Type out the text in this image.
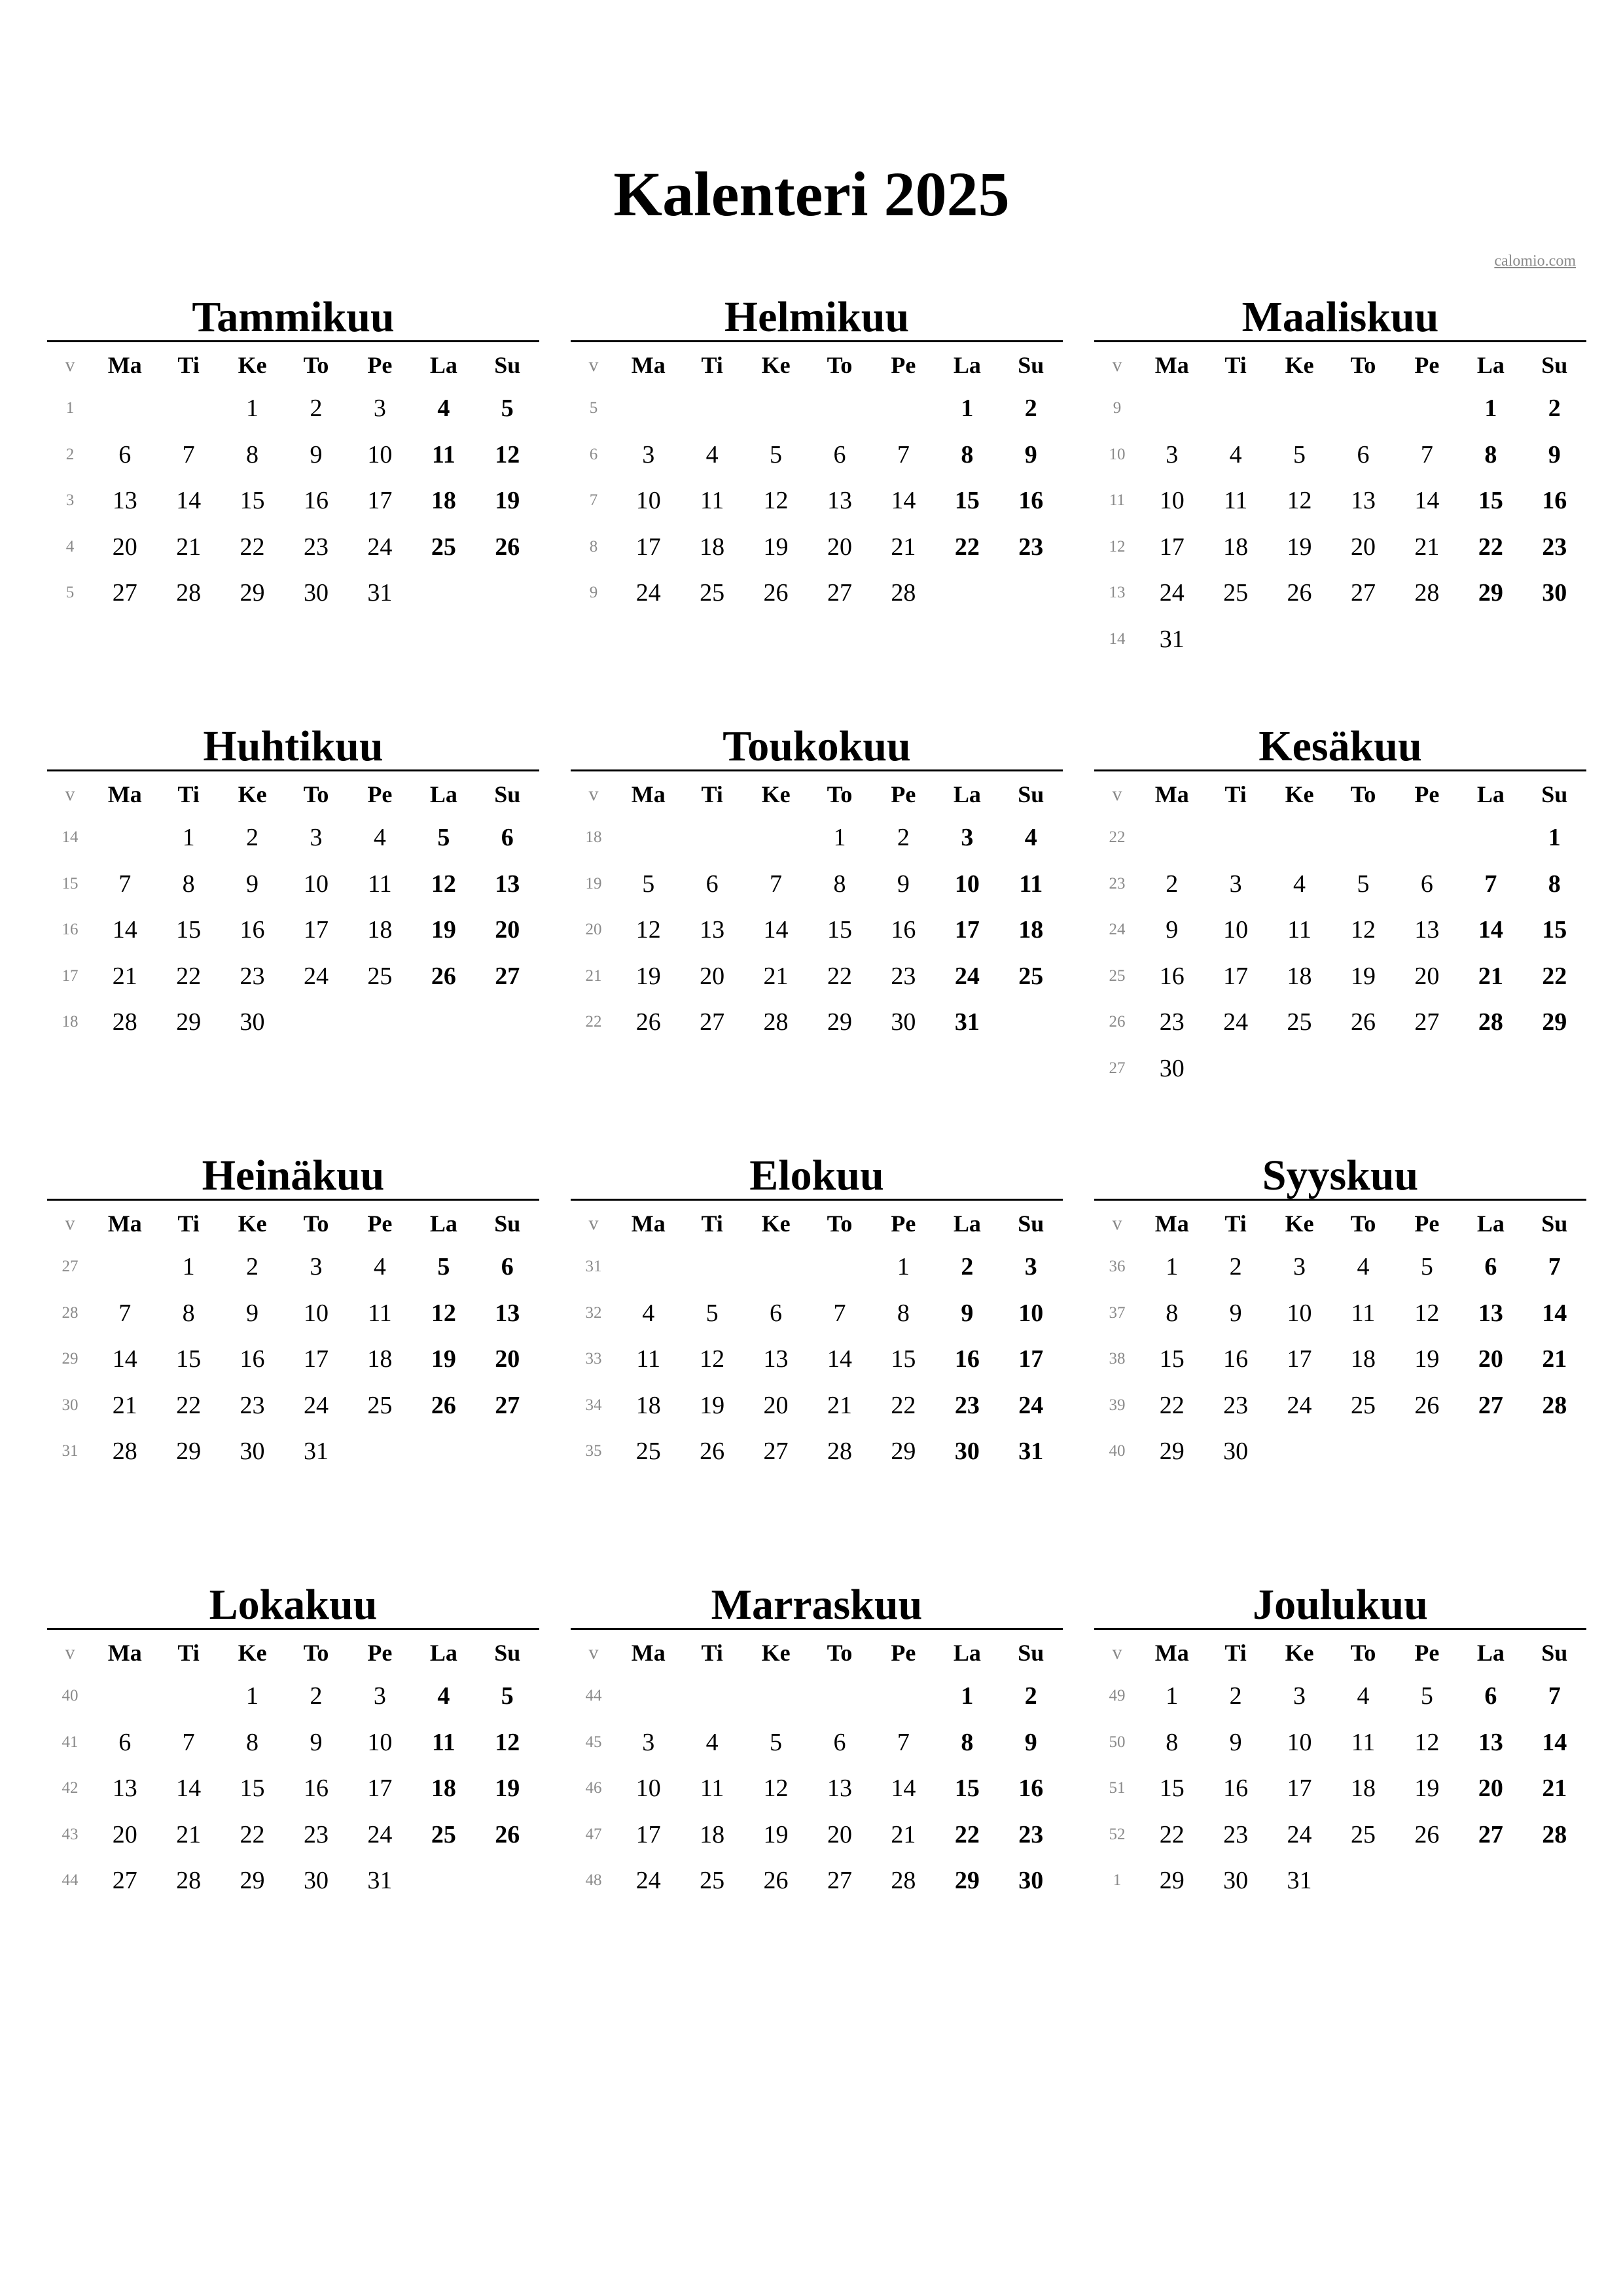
Kalenteri 2025
calomio.com
Tammikuu
v	Ma	Ti	Ke	To	Pe	La	Su
1			1	2	3	4	5
2	6	7	8	9	10	11	12
3	13	14	15	16	17	18	19
4	20	21	22	23	24	25	26
5	27	28	29	30	31		
Helmikuu
v	Ma	Ti	Ke	To	Pe	La	Su
5						1	2
6	3	4	5	6	7	8	9
7	10	11	12	13	14	15	16
8	17	18	19	20	21	22	23
9	24	25	26	27	28		
Maaliskuu
v	Ma	Ti	Ke	To	Pe	La	Su
9						1	2
10	3	4	5	6	7	8	9
11	10	11	12	13	14	15	16
12	17	18	19	20	21	22	23
13	24	25	26	27	28	29	30
14	31						
Huhtikuu
v	Ma	Ti	Ke	To	Pe	La	Su
14		1	2	3	4	5	6
15	7	8	9	10	11	12	13
16	14	15	16	17	18	19	20
17	21	22	23	24	25	26	27
18	28	29	30				
Toukokuu
v	Ma	Ti	Ke	To	Pe	La	Su
18				1	2	3	4
19	5	6	7	8	9	10	11
20	12	13	14	15	16	17	18
21	19	20	21	22	23	24	25
22	26	27	28	29	30	31	
Kesäkuu
v	Ma	Ti	Ke	To	Pe	La	Su
22							1
23	2	3	4	5	6	7	8
24	9	10	11	12	13	14	15
25	16	17	18	19	20	21	22
26	23	24	25	26	27	28	29
27	30						
Heinäkuu
v	Ma	Ti	Ke	To	Pe	La	Su
27		1	2	3	4	5	6
28	7	8	9	10	11	12	13
29	14	15	16	17	18	19	20
30	21	22	23	24	25	26	27
31	28	29	30	31			
Elokuu
v	Ma	Ti	Ke	To	Pe	La	Su
31					1	2	3
32	4	5	6	7	8	9	10
33	11	12	13	14	15	16	17
34	18	19	20	21	22	23	24
35	25	26	27	28	29	30	31
Syyskuu
v	Ma	Ti	Ke	To	Pe	La	Su
36	1	2	3	4	5	6	7
37	8	9	10	11	12	13	14
38	15	16	17	18	19	20	21
39	22	23	24	25	26	27	28
40	29	30					
Lokakuu
v	Ma	Ti	Ke	To	Pe	La	Su
40			1	2	3	4	5
41	6	7	8	9	10	11	12
42	13	14	15	16	17	18	19
43	20	21	22	23	24	25	26
44	27	28	29	30	31		
Marraskuu
v	Ma	Ti	Ke	To	Pe	La	Su
44						1	2
45	3	4	5	6	7	8	9
46	10	11	12	13	14	15	16
47	17	18	19	20	21	22	23
48	24	25	26	27	28	29	30
Joulukuu
v	Ma	Ti	Ke	To	Pe	La	Su
49	1	2	3	4	5	6	7
50	8	9	10	11	12	13	14
51	15	16	17	18	19	20	21
52	22	23	24	25	26	27	28
1	29	30	31				
